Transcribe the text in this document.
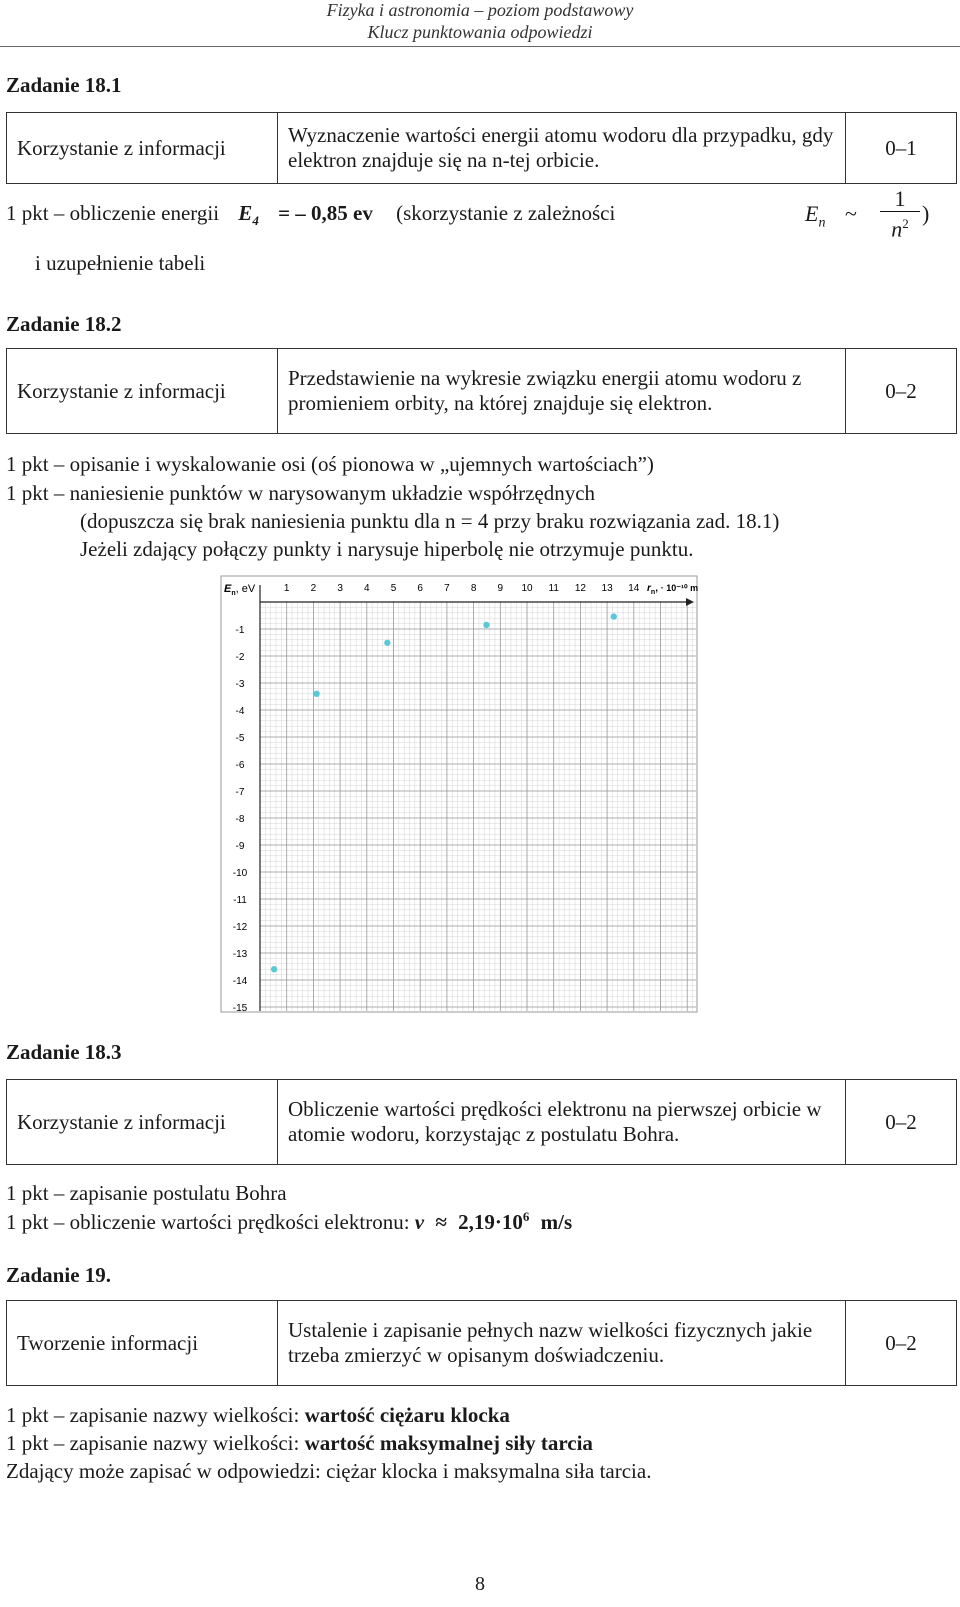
Fizyka i astronomia – poziom podstawowy
Klucz punktowania odpowiedzi
Zadanie 18.1
Korzystanie z informacji	Wyznaczenie wartości energii atomu wodoru dla przypadku, gdy elektron znajduje się na n-tej orbicie.	0–1
1 pkt – obliczenie energii $E_4$ = – 0,85 ev (skorzystanie z zależności	$E_n$ ~
1
$n^2$ )
i uzupełnienie tabeli
Zadanie 18.2
Korzystanie z informacji	Przedstawienie na wykresie związku energii atomu wodoru z promieniem orbity, na której znajduje się elektron.	0–2
1 pkt – opisanie i wyskalowanie osi (oś pionowa w „ujemnych wartościach”)
1 pkt – naniesienie punktów w narysowanym układzie współrzędnych
(dopuszcza się brak naniesienia punktu dla n = 4 przy braku rozwiązania zad. 18.1)
Jeżeli zdający połączy punkty i narysuje hiperbolę nie otrzymuje punktu.
$E_n$, eV	$r_n$, · 10⁻¹⁰ m
1 2 3 4 5 6 7 8 9 10 11 12 13 14
-1
-2
-3
-4
-5
-6
-7
-8
-9
-10
-11
-12
-13
-14
-15
Zadanie 18.3
Korzystanie z informacji	Obliczenie wartości prędkości elektronu na pierwszej orbicie w atomie wodoru, korzystając z postulatu Bohra.	0–2
1 pkt – zapisanie postulatu Bohra
1 pkt – obliczenie wartości prędkości elektronu: $v \approx 2,19\cdot 10^6$ m/s
Zadanie 19.
Tworzenie informacji	Ustalenie i zapisanie pełnych nazw wielkości fizycznych jakie trzeba zmierzyć w opisanym doświadczeniu.	0–2
1 pkt – zapisanie nazwy wielkości: wartość ciężaru klocka
1 pkt – zapisanie nazwy wielkości: wartość maksymalnej siły tarcia
Zdający może zapisać w odpowiedzi: ciężar klocka i maksymalna siła tarcia.
8
